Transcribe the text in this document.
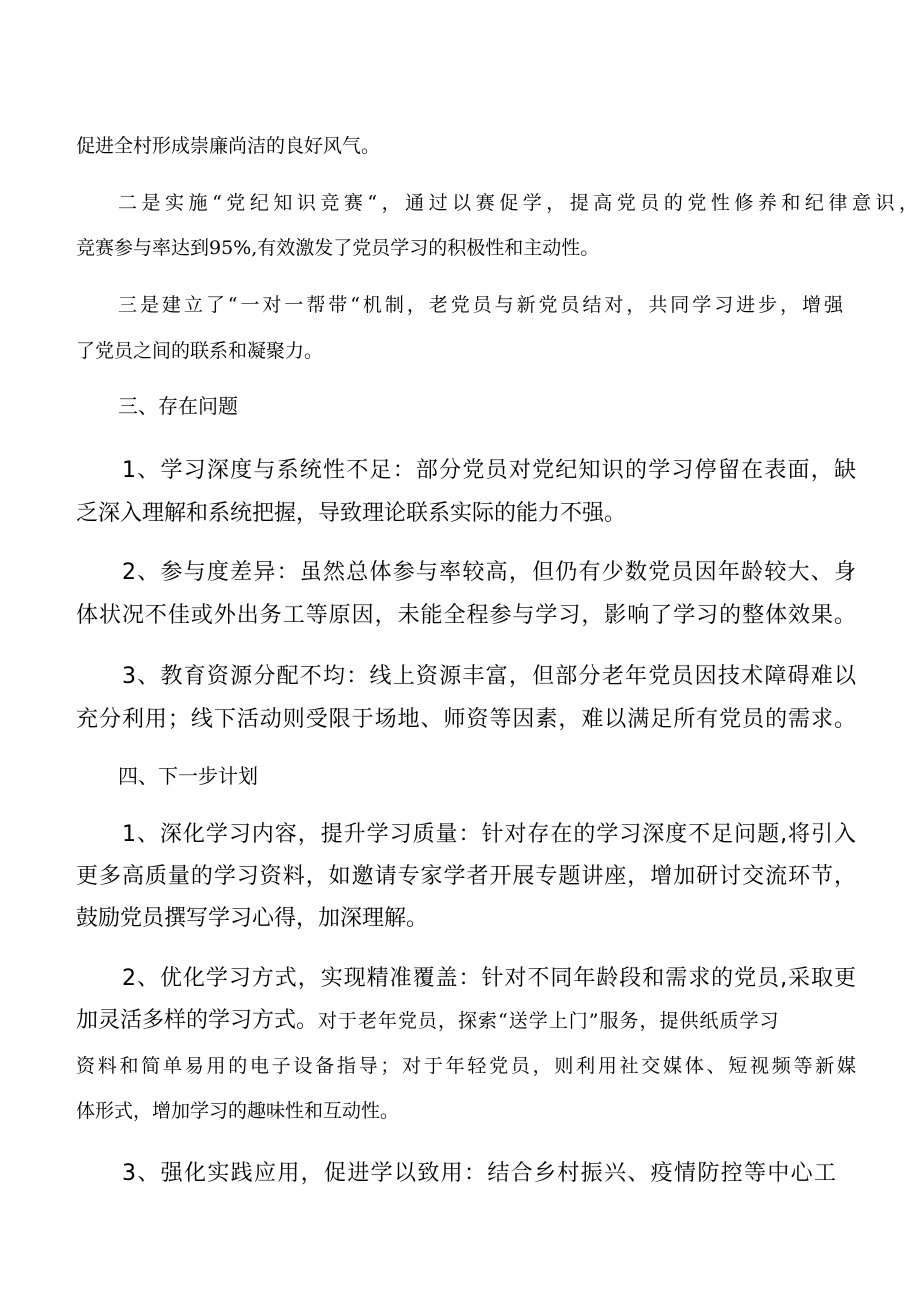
促进全村形成崇廉尚洁的良好风气。

二是实施“党纪知识竞赛“，通过以赛促学，提高党员的党性修养和纪律意识，

竞赛参与率达到95%,有效激发了党员学习的积极性和主动性。

三是建立了“一对一帮带“机制，老党员与新党员结对，共同学习进步，增强

了党员之间的联系和凝聚力。

三、存在问题

1、学习深度与系统性不足：部分党员对党纪知识的学习停留在表面，缺

乏深入理解和系统把握，导致理论联系实际的能力不强。

2、参与度差异：虽然总体参与率较高，但仍有少数党员因年龄较大、身

体状况不佳或外出务工等原因，未能全程参与学习，影响了学习的整体效果。

3、教育资源分配不均：线上资源丰富，但部分老年党员因技术障碍难以

充分利用；线下活动则受限于场地、师资等因素，难以满足所有党员的需求。

四、下一步计划

1、深化学习内容，提升学习质量：针对存在的学习深度不足问题,将引入

更多高质量的学习资料，如邀请专家学者开展专题讲座，增加研讨交流环节，

鼓励党员撰写学习心得，加深理解。

2、优化学习方式，实现精准覆盖：针对不同年龄段和需求的党员,采取更

加灵活多样的学习方式。对于老年党员，探索“送学上门”服务，提供纸质学习

资料和简单易用的电子设备指导；对于年轻党员，则利用社交媒体、短视频等新媒

体形式，增加学习的趣味性和互动性。

3、强化实践应用，促进学以致用：结合乡村振兴、疫情防控等中心工
